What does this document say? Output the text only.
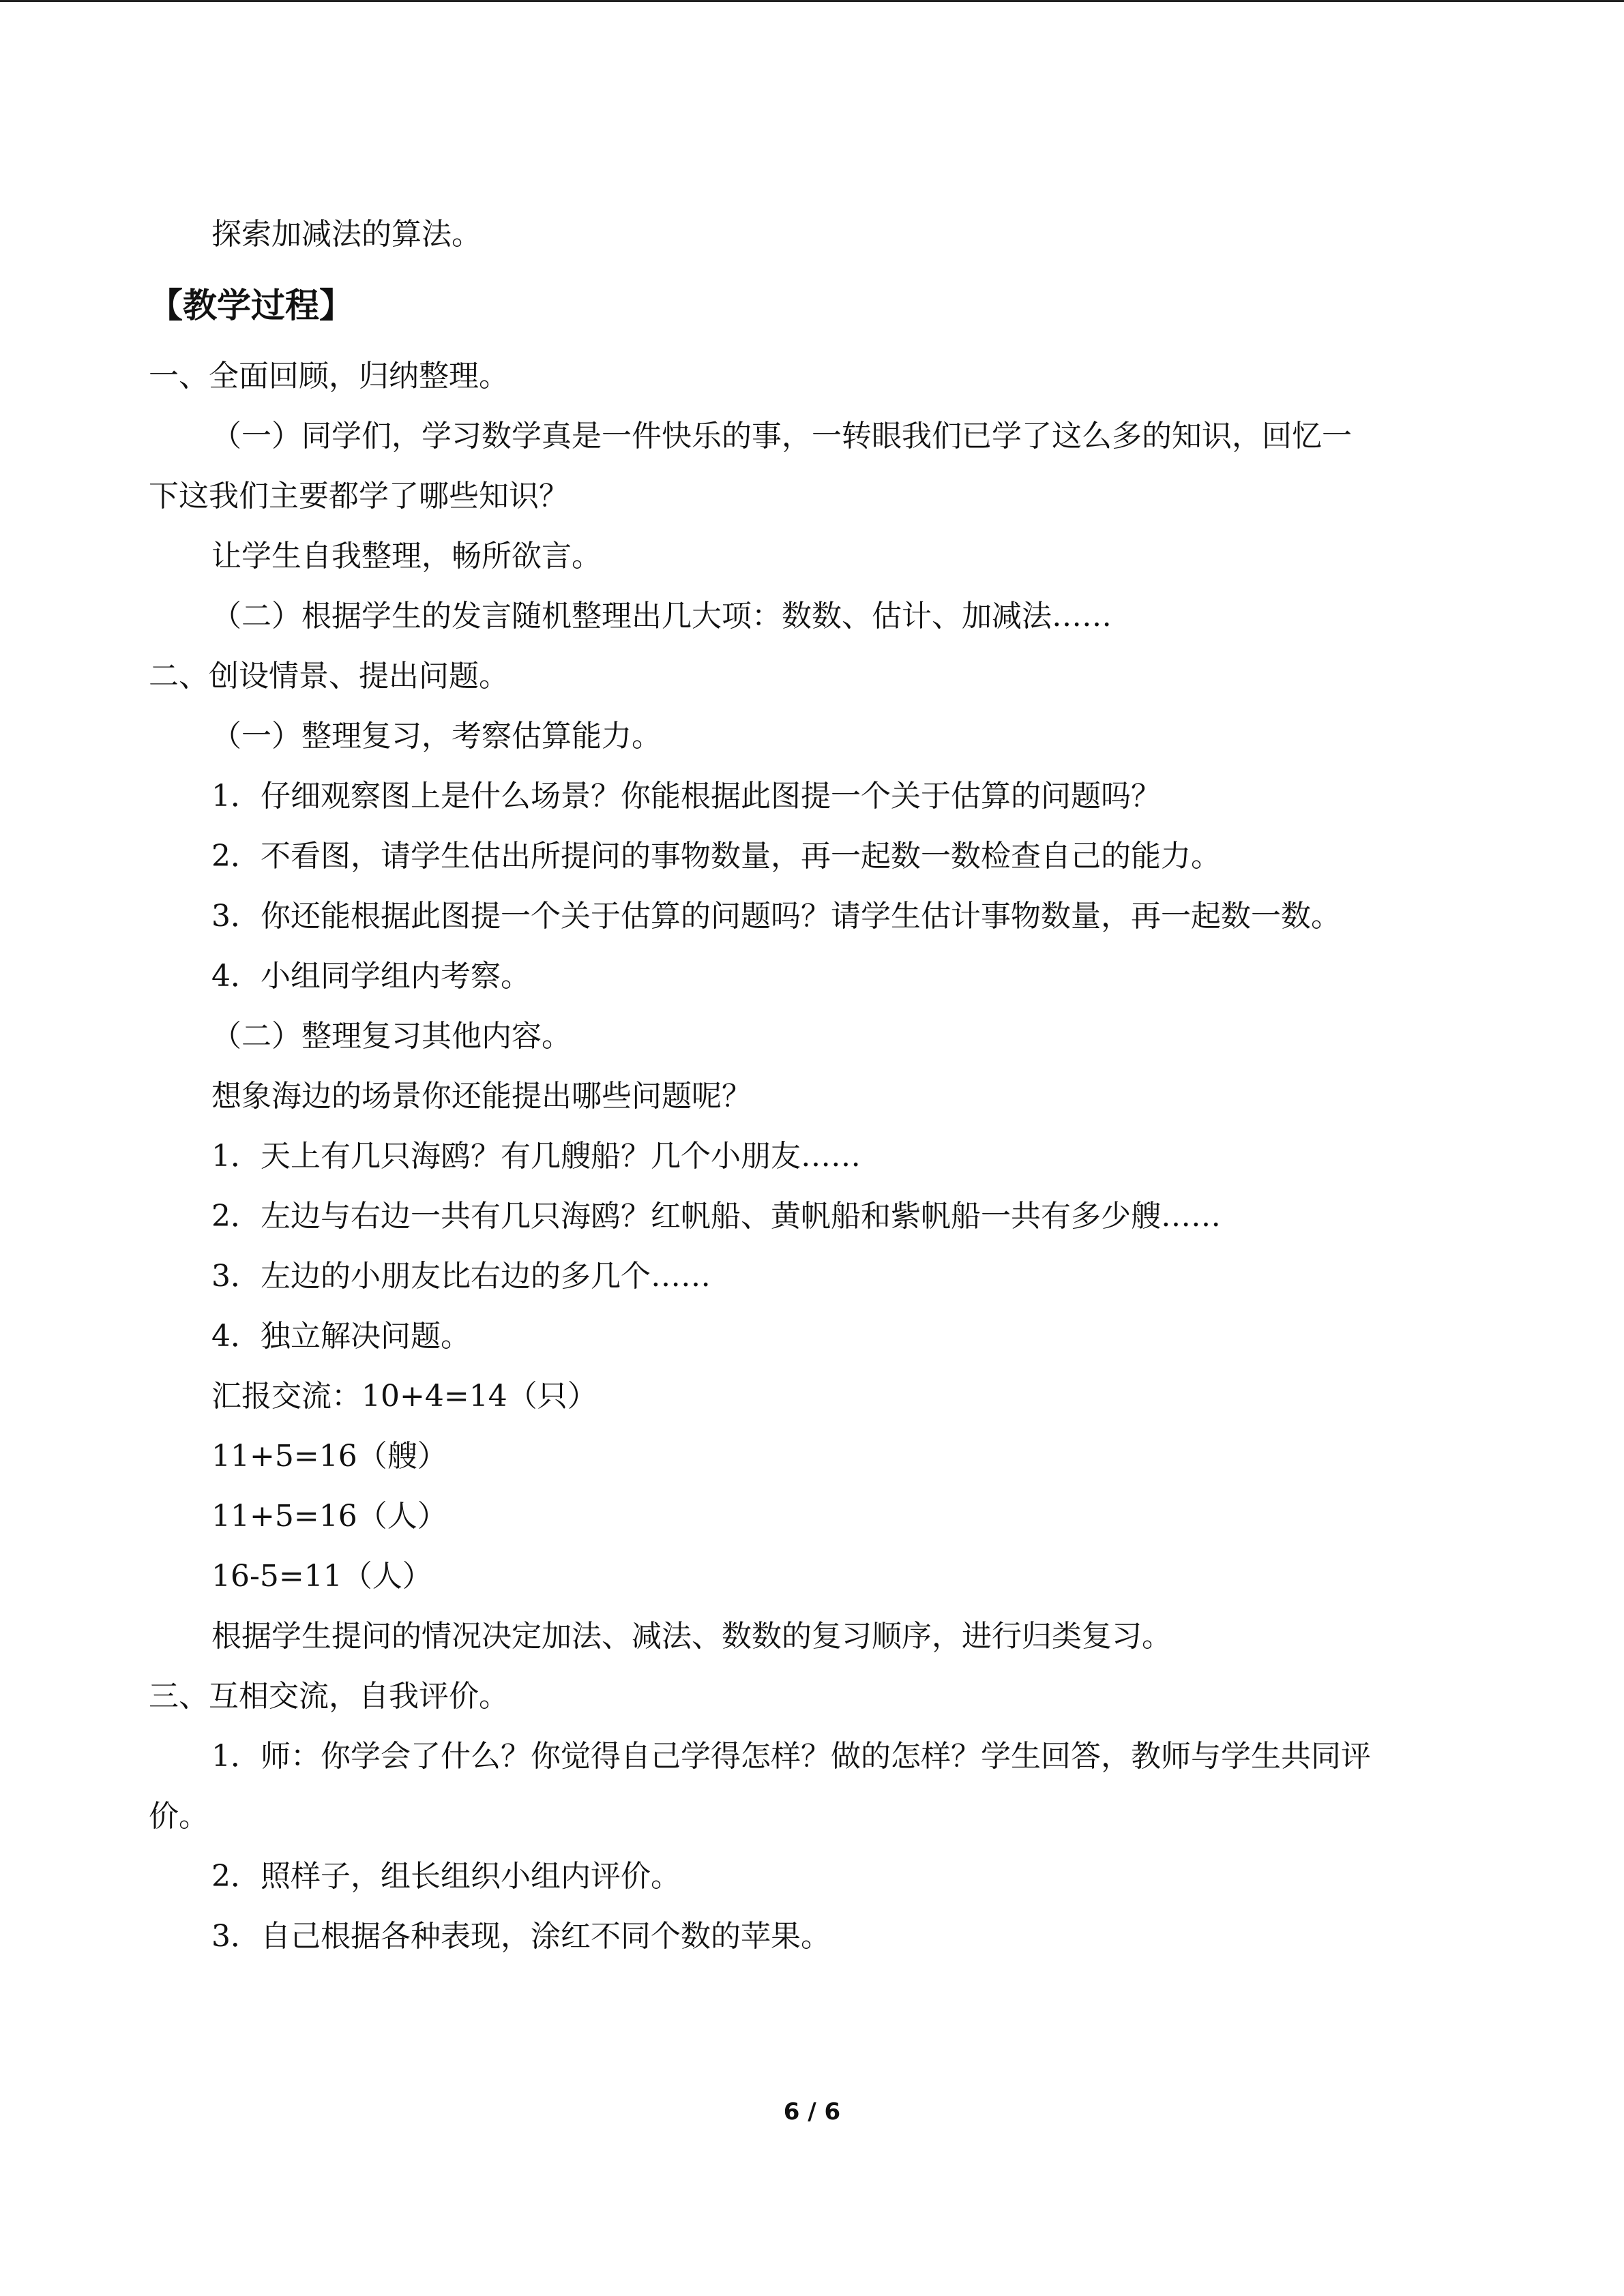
探索加减法的算法。
【教学过程】
一、全面回顾，归纳整理。
（一）同学们，学习数学真是一件快乐的事，一转眼我们已学了这么多的知识，回忆一
下这我们主要都学了哪些知识？
让学生自我整理，畅所欲言。
（二）根据学生的发言随机整理出几大项：数数、估计、加减法……
二、创设情景、提出问题。
（一）整理复习，考察估算能力。
1．仔细观察图上是什么场景？你能根据此图提一个关于估算的问题吗？
2．不看图，请学生估出所提问的事物数量，再一起数一数检查自己的能力。
3．你还能根据此图提一个关于估算的问题吗？请学生估计事物数量，再一起数一数。
4．小组同学组内考察。
（二）整理复习其他内容。
想象海边的场景你还能提出哪些问题呢？
1．天上有几只海鸥？有几艘船？几个小朋友……
2．左边与右边一共有几只海鸥？红帆船、黄帆船和紫帆船一共有多少艘……
3．左边的小朋友比右边的多几个……
4．独立解决问题。
汇报交流：10+4=14（只）
11+5=16（艘）
11+5=16（人）
16-5=11（人）
根据学生提问的情况决定加法、减法、数数的复习顺序，进行归类复习。
三、互相交流，自我评价。
1．师：你学会了什么？你觉得自己学得怎样？做的怎样？学生回答，教师与学生共同评
价。
2．照样子，组长组织小组内评价。
3．自己根据各种表现，涂红不同个数的苹果。
6 / 6
